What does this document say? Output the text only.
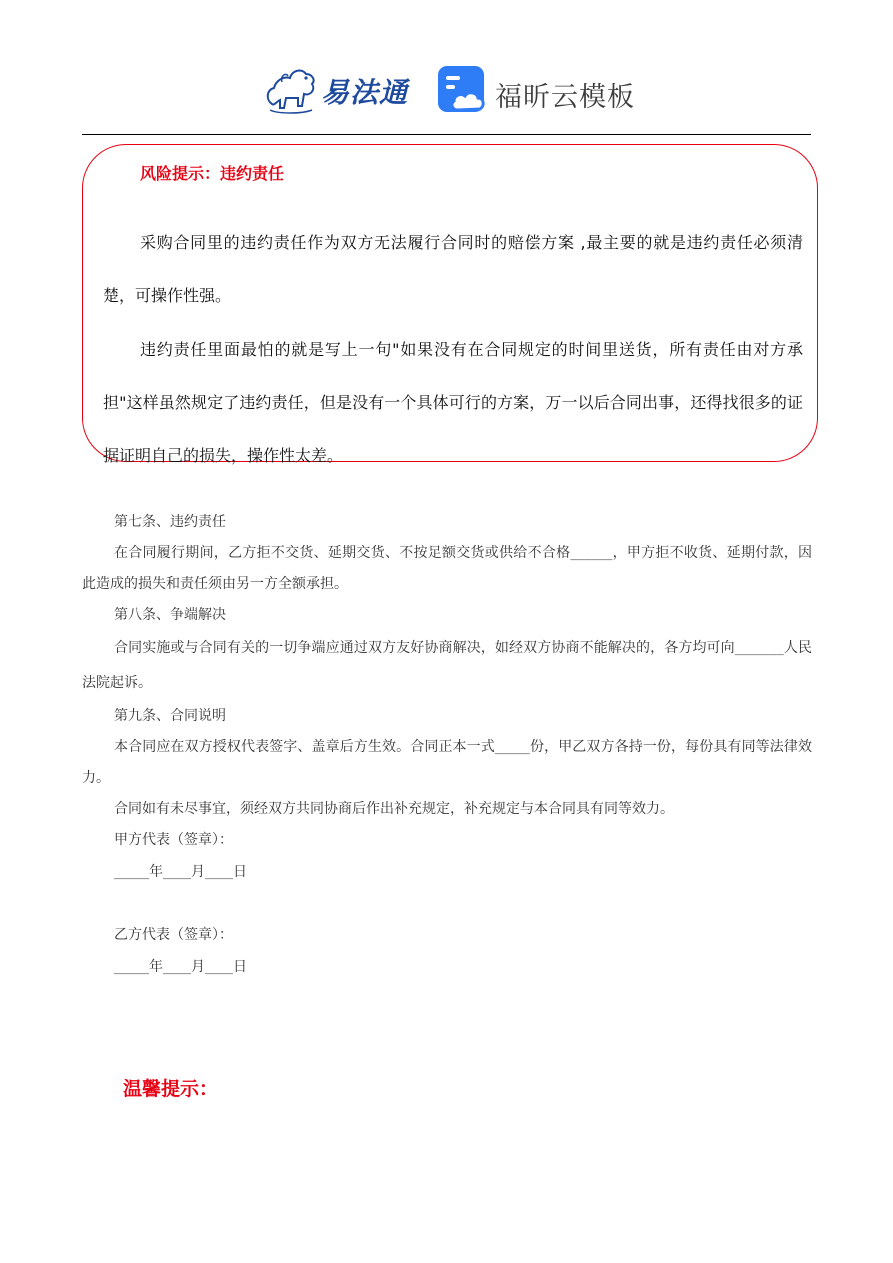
易法通	福昕云模板
风险提示：违约责任

采购合同里的违约责任作为双方无法履行合同时的赔偿方案 ,最主要的就是违约责任必须清楚，可操作性强。

违约责任里面最怕的就是写上一句"如果没有在合同规定的时间里送货，所有责任由对方承担"这样虽然规定了违约责任，但是没有一个具体可行的方案，万一以后合同出事，还得找很多的证据证明自己的损失，操作性太差。

第七条、违约责任

在合同履行期间，乙方拒不交货、延期交货、不按足额交货或供给不合格______，甲方拒不收货、延期付款，因此造成的损失和责任须由另一方全额承担。

第八条、争端解决

合同实施或与合同有关的一切争端应通过双方友好协商解决，如经双方协商不能解决的，各方均可向_______人民法院起诉。

第九条、合同说明

本合同应在双方授权代表签字、盖章后方生效。合同正本一式_____份，甲乙双方各持一份，每份具有同等法律效力。

合同如有未尽事宜，须经双方共同协商后作出补充规定，补充规定与本合同具有同等效力。

甲方代表（签章）：

_____年____月____日

乙方代表（签章）：

_____年____月____日

温馨提示：
